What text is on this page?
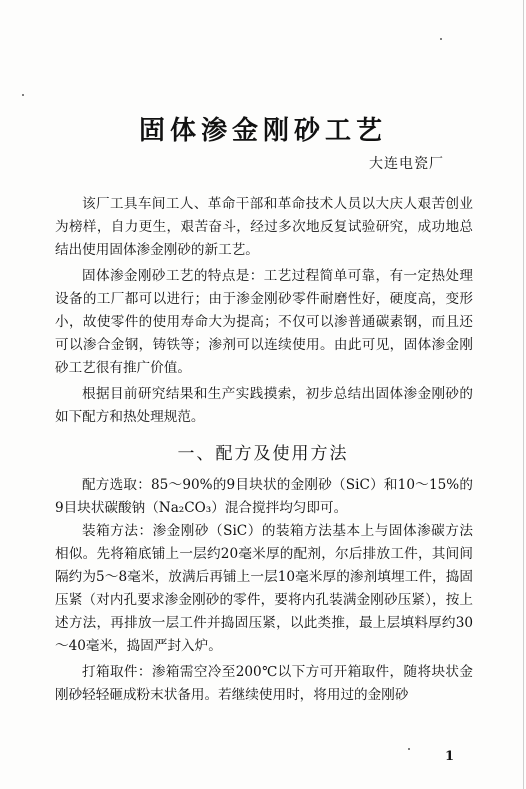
固体渗金刚砂工艺
大连电瓷厂

该厂工具车间工人、革命干部和革命技术人员以大庆人艰苦创业为榜样，自力更生，艰苦奋斗，经过多次地反复试验研究，成功地总结出使用固体渗金刚砂的新工艺。

固体渗金刚砂工艺的特点是：工艺过程简单可靠，有一定热处理设备的工厂都可以进行；由于渗金刚砂零件耐磨性好，硬度高，变形小，故使零件的使用寿命大为提高；不仅可以渗普通碳素钢，而且还可以渗合金钢，铸铁等；渗剂可以连续使用。由此可见，固体渗金刚砂工艺很有推广价值。

根据目前研究结果和生产实践摸索，初步总结出固体渗金刚砂的如下配方和热处理规范。

一、配方及使用方法

配方选取：85～90%的9目块状的金刚砂（SiC）和10～15%的9目块状碳酸钠（Na₂CO₃）混合搅拌均匀即可。

装箱方法：渗金刚砂（SiC）的装箱方法基本上与固体渗碳方法相似。先将箱底铺上一层约20毫米厚的配剂，尔后排放工件，其间间隔约为5～8毫米，放满后再铺上一层10毫米厚的渗剂填埋工件，捣固压紧（对内孔要求渗金刚砂的零件，要将内孔装满金刚砂压紧），按上述方法，再排放一层工件并捣固压紧，以此类推，最上层填料厚约30～40毫米，捣固严封入炉。

打箱取件：渗箱需空冷至200℃以下方可开箱取件，随将块状金刚砂轻轻砸成粉末状备用。若继续使用时，将用过的金刚砂

1
